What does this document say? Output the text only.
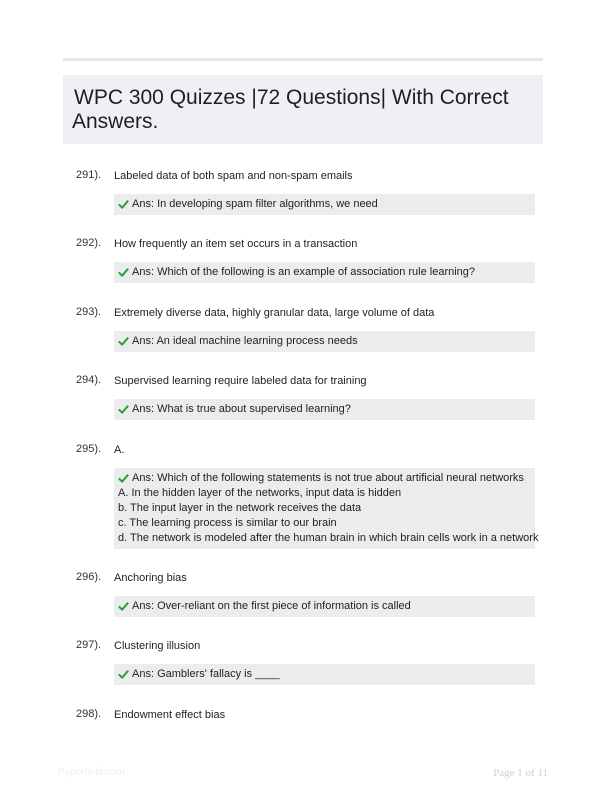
WPC 300 Quizzes |72 Questions| With Correct Answers.
291). Labeled data of both spam and non-spam emails
Ans: In developing spam filter algorithms, we need
292). How frequently an item set occurs in a transaction
Ans: Which of the following is an example of association rule learning?
293). Extremely diverse data, highly granular data, large volume of data
Ans: An ideal machine learning process needs
294). Supervised learning require labeled data for training
Ans: What is true about supervised learning?
295). A.
Ans: Which of the following statements is not true about artificial neural networks
A. In the hidden layer of the networks, input data is hidden
b. The input layer in the network receives the data
c. The learning process is similar to our brain
d. The network is modeled after the human brain in which brain cells work in a network
296). Anchoring bias
Ans: Over-reliant on the first piece of information is called
297). Clustering illusion
Ans: Gamblers' fallacy is ____
298). Endowment effect bias
Paperfield.com	Page 1 of 11
